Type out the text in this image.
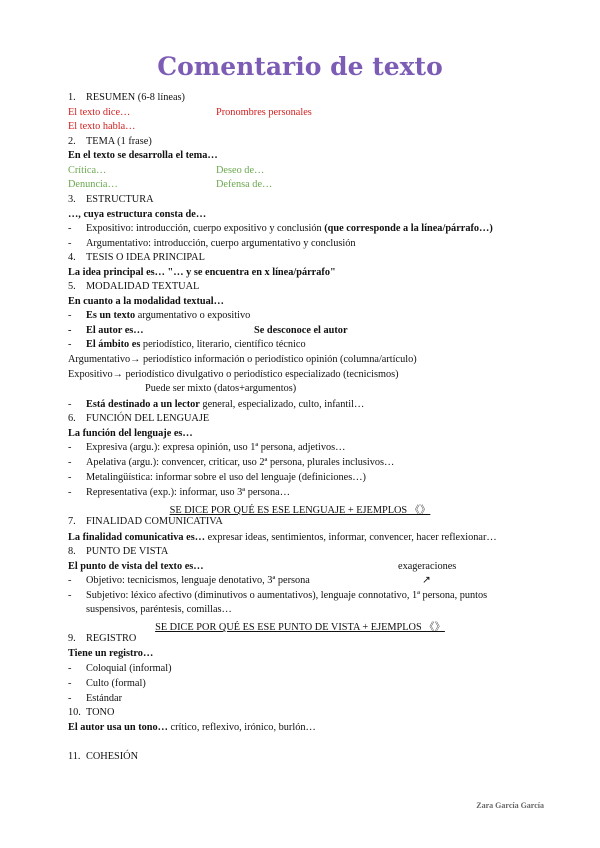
Comentario de texto
1. RESUMEN (6-8 líneas)
El texto dice…	Pronombres personales
El texto habla…
2. TEMA (1 frase)
En el texto se desarrolla el tema…
Crítica…	Deseo de…
Denuncia…	Defensa de…
3. ESTRUCTURA
…, cuya estructura consta de…
- Expositivo: introducción, cuerpo expositivo y conclusión (que corresponde a la línea/párrafo…)
- Argumentativo: introducción, cuerpo argumentativo y conclusión
4. TESIS O IDEA PRINCIPAL
La idea principal es… "… y se encuentra en x línea/párrafo"
5. MODALIDAD TEXTUAL
En cuanto a la modalidad textual…
- Es un texto argumentativo o expositivo
- El autor es…	Se desconoce el autor
- El ámbito es periodístico, literario, científico técnico
Argumentativo→ periodístico información o periodístico opinión (columna/artículo)
Expositivo→ periodístico divulgativo o periodístico especializado (tecnicismos)
Puede ser mixto (datos+argumentos)
- Está destinado a un lector general, especializado, culto, infantil…
6. FUNCIÓN DEL LENGUAJE
La función del lenguaje es…
- Expresiva (argu.): expresa opinión, uso 1ª persona, adjetivos…
- Apelativa (argu.): convencer, criticar, uso 2ª persona, plurales inclusivos…
- Metalingüística: informar sobre el uso del lenguaje (definiciones…)
- Representativa (exp.): informar, uso 3ª persona…
SE DICE POR QUÉ ES ESE LENGUAJE + EJEMPLOS 《》
7. FINALIDAD COMUNICATIVA
La finalidad comunicativa es… expresar ideas, sentimientos, informar, convencer, hacer reflexionar…
8. PUNTO DE VISTA
El punto de vista del texto es…	exageraciones
- Objetivo: tecnicismos, lenguaje denotativo, 3ª persona	↗
- Subjetivo: léxico afectivo (diminutivos o aumentativos), lenguaje connotativo, 1ª persona, puntos
suspensivos, paréntesis, comillas…
SE DICE POR QUÉ ES ESE PUNTO DE VISTA + EJEMPLOS 《》
9. REGISTRO
Tiene un registro…
- Coloquial (informal)
- Culto (formal)
- Estándar
10. TONO
El autor usa un tono… crítico, reflexivo, irónico, burlón…
11. COHESIÓN
Zara García García
